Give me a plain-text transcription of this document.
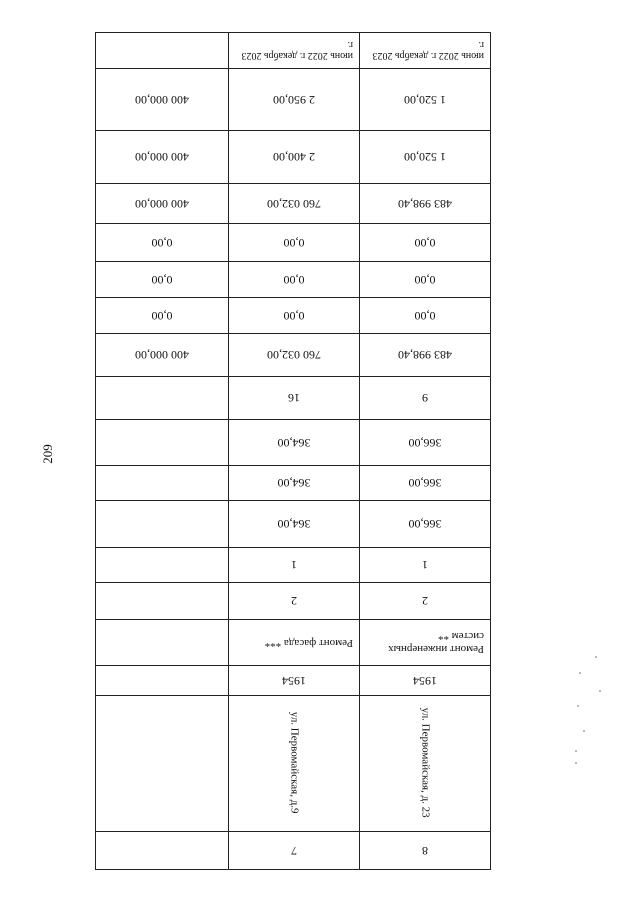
209
8	7	
ул. Первомайская, д. 23	ул. Первомайская, д.9	
1954	1954	
Ремонт инженерных систем **	Ремонт фасада ***	
2	2	
1	1	
366,00	364,00	
366,00	364,00	
366,00	364,00	
9	16	
483 998,40	760 032,00	400 000,00
0,00	0,00	0,00
0,00	0,00	0,00
0,00	0,00	0,00
483 998,40	760 032,00	400 000,00
1 520,00	2 400,00	400 000,00
1 520,00	2 950,00	400 000,00
июнь 2022 г. декабрь 2023 г.	июнь 2022 г. декабрь 2023 г.	
